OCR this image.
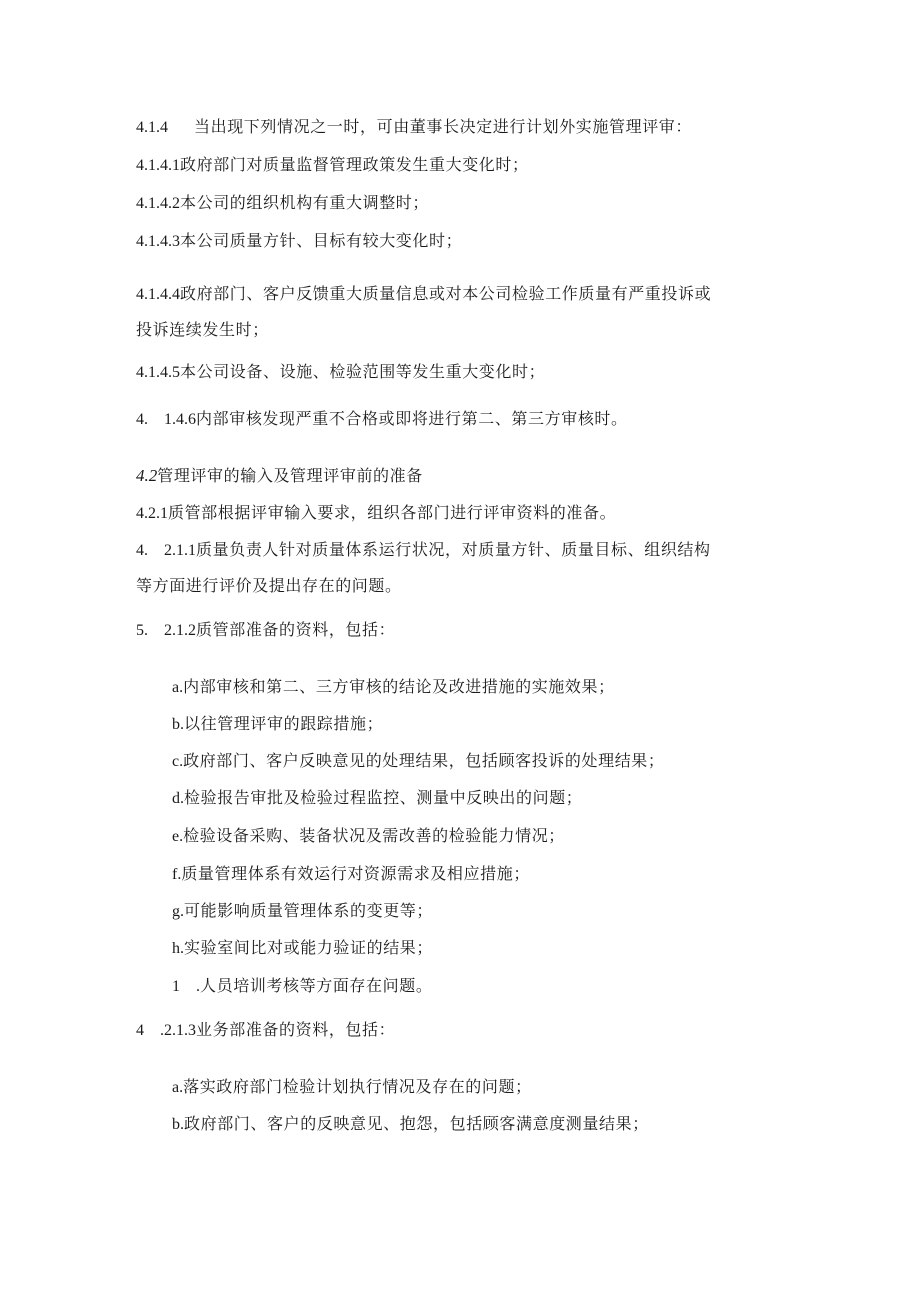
4.1.4 当出现下列情况之一时，可由董事长决定进行计划外实施管理评审：
4.1.4.1政府部门对质量监督管理政策发生重大变化时；
4.1.4.2本公司的组织机构有重大调整时；
4.1.4.3本公司质量方针、目标有较大变化时；
4.1.4.4政府部门、客户反馈重大质量信息或对本公司检验工作质量有严重投诉或
投诉连续发生时；
4.1.4.5本公司设备、设施、检验范围等发生重大变化时；
4.　1.4.6内部审核发现严重不合格或即将进行第二、第三方审核时。
4.2管理评审的输入及管理评审前的准备
4.2.1质管部根据评审输入要求，组织各部门进行评审资料的准备。
4.　2.1.1质量负责人针对质量体系运行状况，对质量方针、质量目标、组织结构
等方面进行评价及提出存在的问题。
5.　2.1.2质管部准备的资料，包括：
a.内部审核和第二、三方审核的结论及改进措施的实施效果；
b.以往管理评审的跟踪措施；
c.政府部门、客户反映意见的处理结果，包括顾客投诉的处理结果；
d.检验报告审批及检验过程监控、测量中反映出的问题；
e.检验设备采购、装备状况及需改善的检验能力情况；
f.质量管理体系有效运行对资源需求及相应措施；
g.可能影响质量管理体系的变更等；
h.实验室间比对或能力验证的结果；
1　.人员培训考核等方面存在问题。
4　.2.1.3业务部准备的资料，包括：
a.落实政府部门检验计划执行情况及存在的问题；
b.政府部门、客户的反映意见、抱怨，包括顾客满意度测量结果；
